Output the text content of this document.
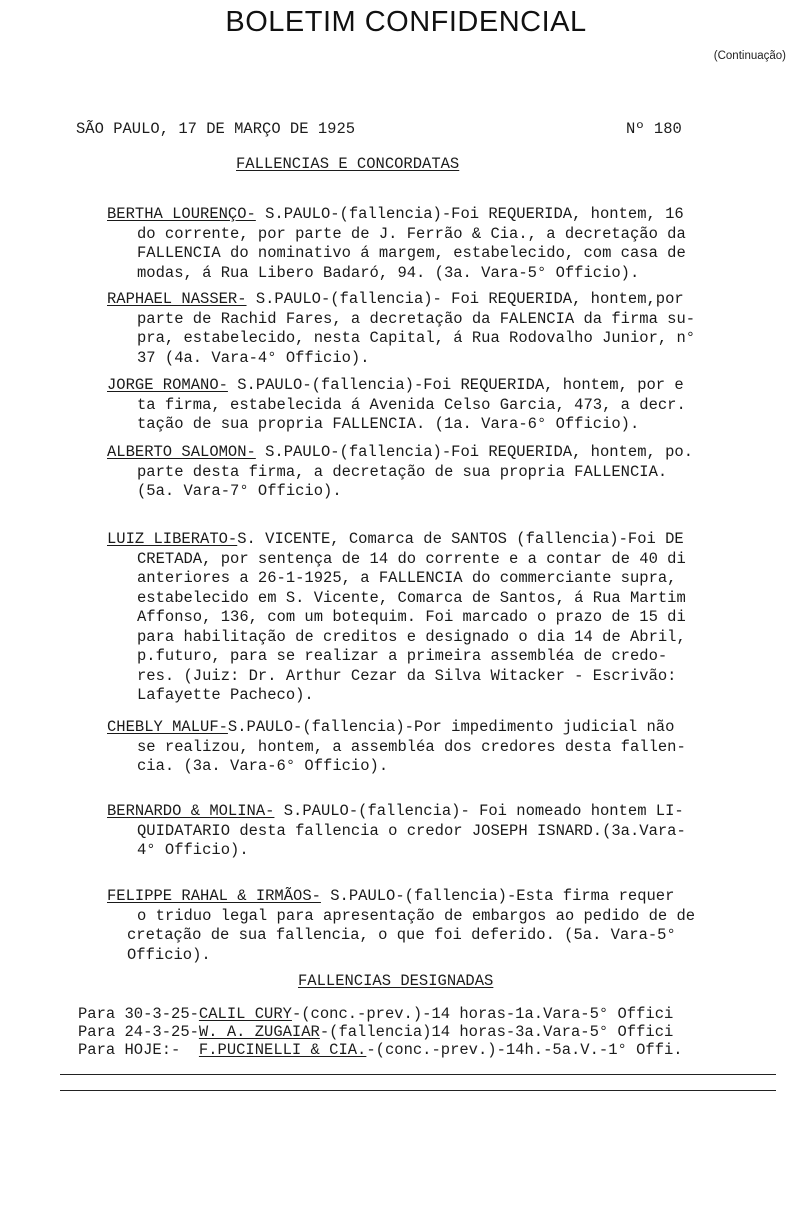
BOLETIM CONFIDENCIAL
(Continuação)
SÃO PAULO, 17 DE MARÇO DE 1925	Nº 180
FALLENCIAS E CONCORDATAS
BERTHA LOURENÇO- S.PAULO-(fallencia)-Foi REQUERIDA, hontem, 16
do corrente, por parte de J. Ferrão & Cia., a decretação da
FALLENCIA do nominativo á margem, estabelecido, com casa de
modas, á Rua Libero Badaró, 94. (3a. Vara-5° Officio).
RAPHAEL NASSER- S.PAULO-(fallencia)- Foi REQUERIDA, hontem,por
parte de Rachid Fares, a decretação da FALENCIA da firma su-
pra, estabelecido, nesta Capital, á Rua Rodovalho Junior, n°
37 (4a. Vara-4° Officio).
JORGE ROMANO- S.PAULO-(fallencia)-Foi REQUERIDA, hontem, por e
ta firma, estabelecida á Avenida Celso Garcia, 473, a decr.
tação de sua propria FALLENCIA. (1a. Vara-6° Officio).
ALBERTO SALOMON- S.PAULO-(fallencia)-Foi REQUERIDA, hontem, po.
parte desta firma, a decretação de sua propria FALLENCIA.
(5a. Vara-7° Officio).
LUIZ LIBERATO-S. VICENTE, Comarca de SANTOS (fallencia)-Foi DE
CRETADA, por sentença de 14 do corrente e a contar de 40 di
anteriores a 26-1-1925, a FALLENCIA do commerciante supra,
estabelecido em S. Vicente, Comarca de Santos, á Rua Martim
Affonso, 136, com um botequim. Foi marcado o prazo de 15 di
para habilitação de creditos e designado o dia 14 de Abril,
p.futuro, para se realizar a primeira assembléa de credo-
res. (Juiz: Dr. Arthur Cezar da Silva Witacker - Escrivão:
Lafayette Pacheco).
CHEBLY MALUF-S.PAULO-(fallencia)-Por impedimento judicial não
se realizou, hontem, a assembléa dos credores desta fallen-
cia. (3a. Vara-6° Officio).
BERNARDO & MOLINA- S.PAULO-(fallencia)- Foi nomeado hontem LI-
QUIDATARIO desta fallencia o credor JOSEPH ISNARD.(3a.Vara-
4° Officio).
FELIPPE RAHAL & IRMÃOS- S.PAULO-(fallencia)-Esta firma requer
o triduo legal para apresentação de embargos ao pedido de de
cretação de sua fallencia, o que foi deferido. (5a. Vara-5°
Officio).
FALLENCIAS DESIGNADAS
Para 30-3-25-CALIL CURY-(conc.-prev.)-14 horas-1a.Vara-5° Offici
Para 24-3-25-W. A. ZUGAIAR-(fallencia)14 horas-3a.Vara-5° Offici
Para HOJE:-  F.PUCINELLI & CIA.-(conc.-prev.)-14h.-5a.V.-1° Offi.
